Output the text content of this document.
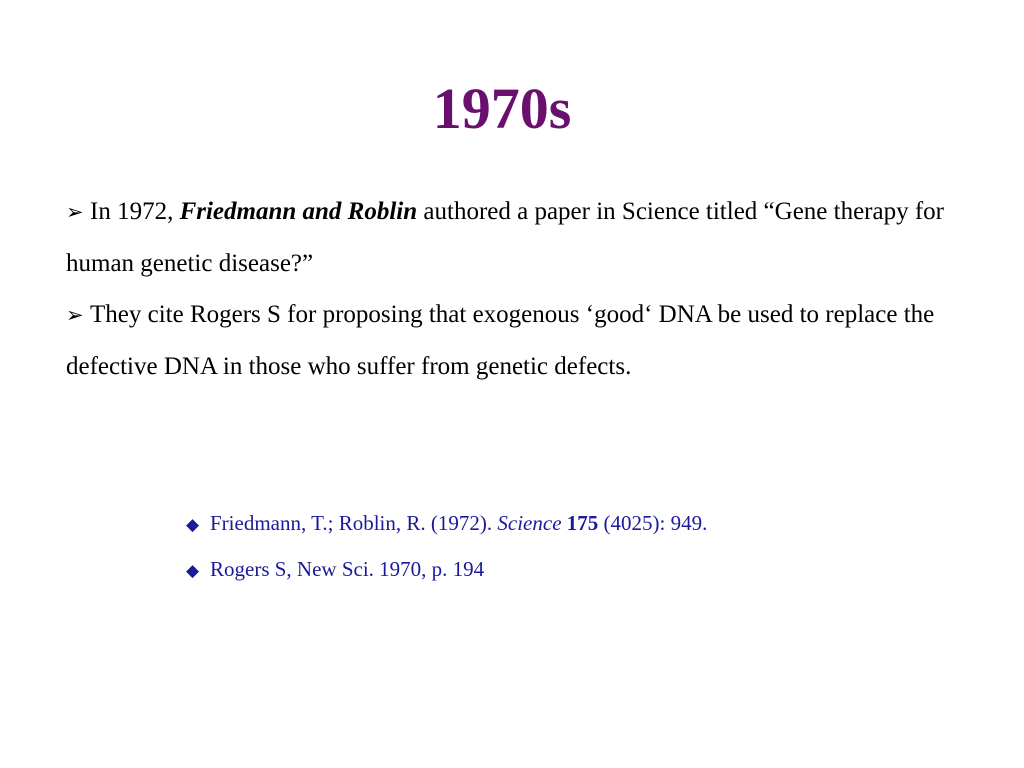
1970s

➢ In 1972, Friedmann and Roblin authored a paper in Science titled “Gene therapy for human genetic disease?”

➢ They cite Rogers S for proposing that exogenous ‘good‘ DNA be used to replace the defective DNA in those who suffer from genetic defects.

◆ Friedmann, T.; Roblin, R. (1972). Science 175 (4025): 949.

◆ Rogers S, New Sci. 1970, p. 194
